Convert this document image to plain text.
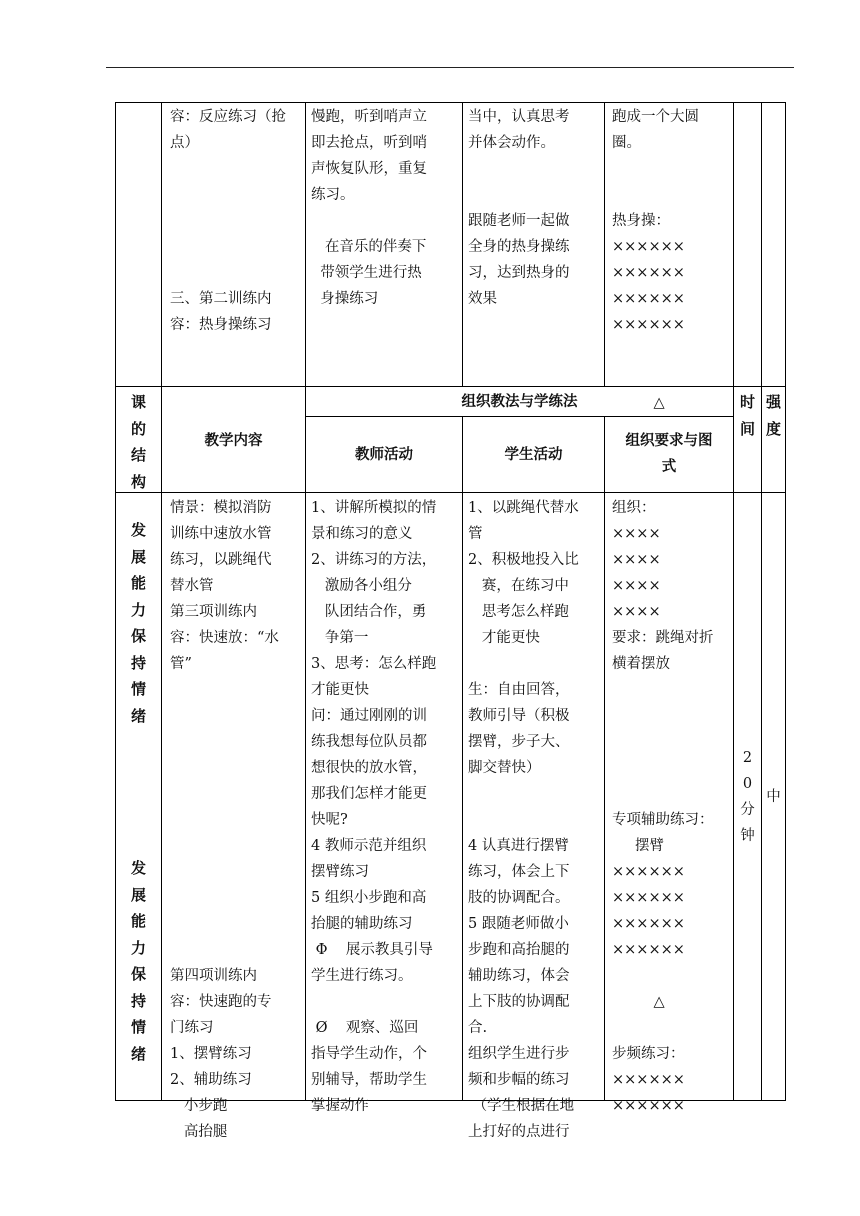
容：反应练习（抢
点）

三、第二训练内
容：热身操练习
慢跑，听到哨声立
即去抢点，听到哨
声恢复队形，重复
练习。

在音乐的伴奏下
带领学生进行热
身操练习
当中，认真思考
并体会动作。

跟随老师一起做
全身的热身操练
习，达到热身的
效果
跑成一个大圆
圈。

热身操：
××××××
××××××
××××××
××××××

△
课
的
结
构
教学内容
组织教法与学练法
教师活动	学生活动
组织要求与图
式
时
间
强
度
发
展
能
力
保
持
情
绪
发
展
能
力
保
持
情
绪
情景：模拟消防
训练中速放水管
练习，以跳绳代
替水管
第三项训练内
容：快速放：“水
管”

第四项训练内
容：快速跑的专
门练习
1、摆臂练习
2、辅助练习
小步跑
高抬腿
1、讲解所模拟的情
景和练习的意义
2、讲练习的方法，
激励各小组分
队团结合作，勇
争第一
3、思考：怎么样跑
才能更快
问：通过刚刚的训
练我想每位队员都
想很快的放水管，
那我们怎样才能更
快呢?
4 教师示范并组织
摆臂练习
5 组织小步跑和高
抬腿的辅助练习
Φ    展示教具引导
学生进行练习。

Ø    观察、巡回
指导学生动作，个
别辅导，帮助学生
掌握动作
1、以跳绳代替水
管
2、积极地投入比
赛，在练习中
思考怎么样跑
才能更快

生：自由回答，
教师引导（积极
摆臂，步子大、
脚交替快）

4 认真进行摆臂
练习，体会上下
肢的协调配合。
5 跟随老师做小
步跑和高抬腿的
辅助练习，体会
上下肢的协调配
合.
组织学生进行步
频和步幅的练习
（学生根据在地
上打好的点进行
组织：
××××
××××
××××
××××
要求：跳绳对折
横着摆放

专项辅助练习：
摆臂
××××××
××××××
××××××
××××××

△

步频练习：
××××××
××××××
2
0
分
钟
中
